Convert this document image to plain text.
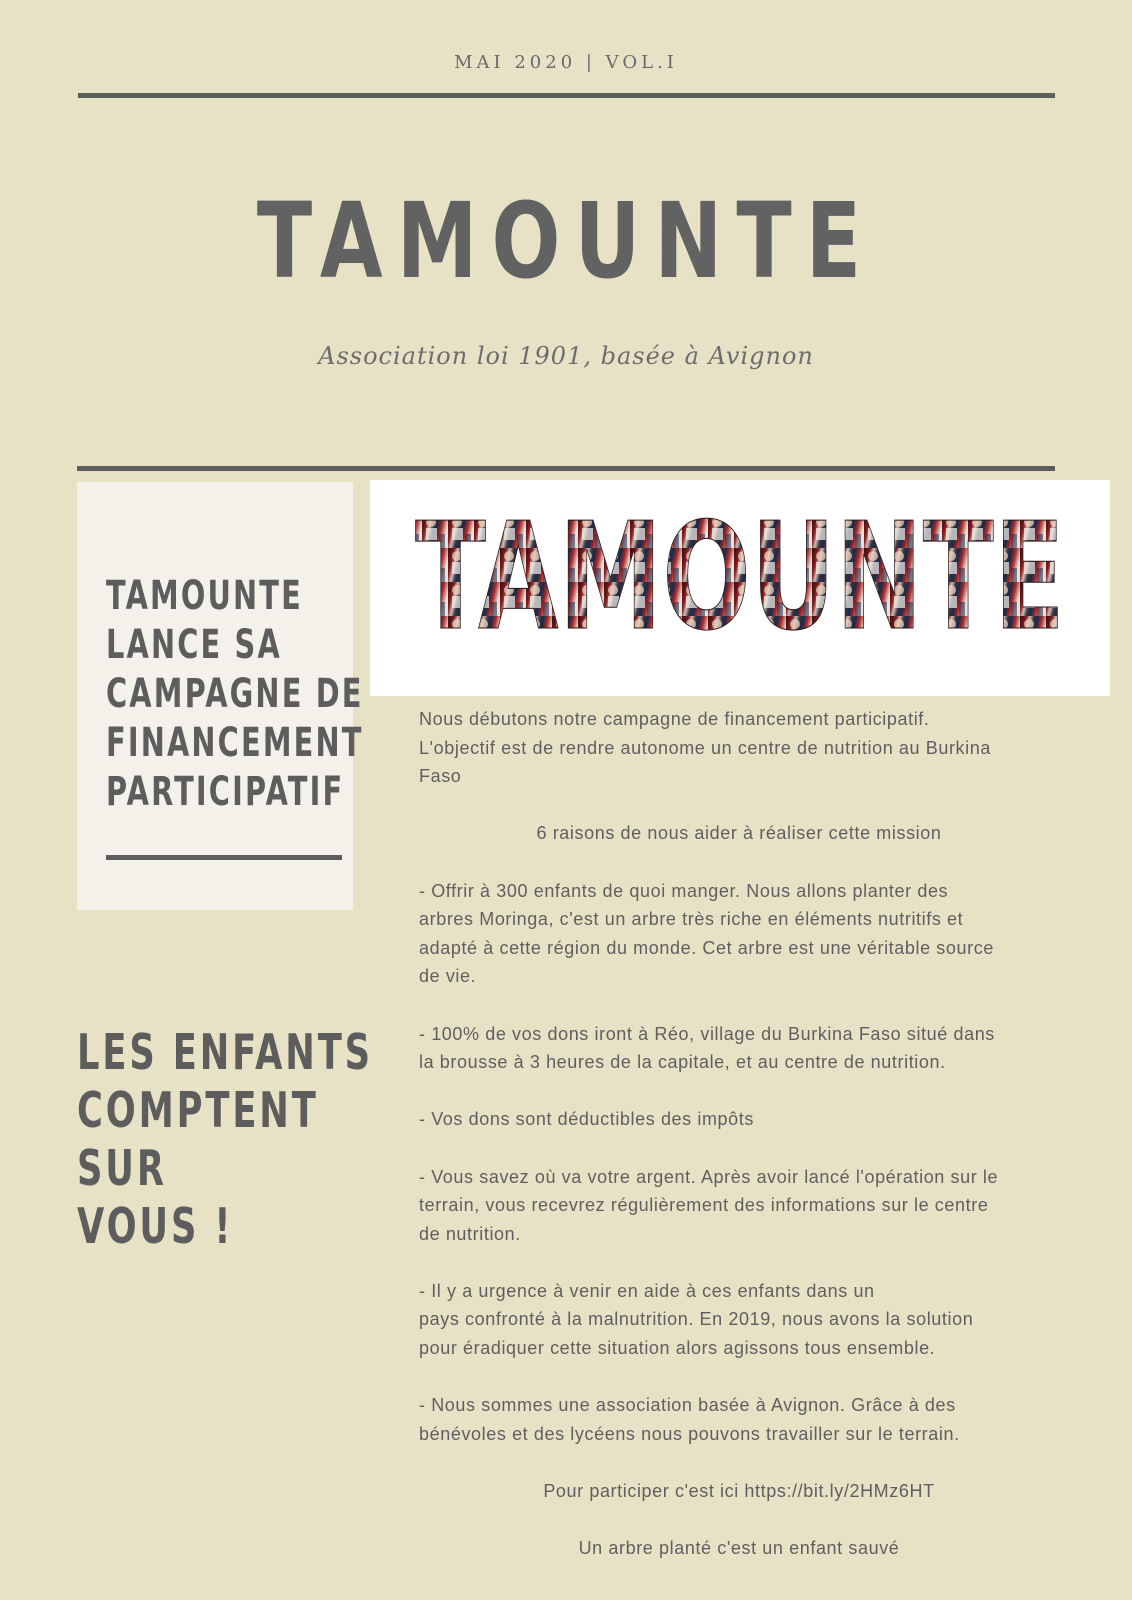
MAI 2020 | VOL.I
TAMOUNTE
Association loi 1901, basée à Avignon
TAMOUNTE
LANCE SA
CAMPAGNE DE
FINANCEMENT
PARTICIPATIF
LES ENFANTS
COMPTENT SUR
VOUS !
TAMOUNTE

Nous débutons notre campagne de financement participatif.
L'objectif est de rendre autonome un centre de nutrition au Burkina
Faso

6 raisons de nous aider à réaliser cette mission

- Offrir à 300 enfants de quoi manger. Nous allons planter des
arbres Moringa, c'est un arbre très riche en éléments nutritifs et
adapté à cette région du monde. Cet arbre est une véritable source
de vie.

- 100% de vos dons iront à Réo, village du Burkina Faso situé dans
la brousse à 3 heures de la capitale, et au centre de nutrition.

- Vos dons sont déductibles des impôts

- Vous savez où va votre argent. Après avoir lancé l'opération sur le
terrain, vous recevrez régulièrement des informations sur le centre
de nutrition.

- Il y a urgence à venir en aide à ces enfants dans un
pays confronté à la malnutrition. En 2019, nous avons la solution
pour éradiquer cette situation alors agissons tous ensemble.

- Nous sommes une association basée à Avignon. Grâce à des
bénévoles et des lycéens nous pouvons travailler sur le terrain.

Pour participer c'est ici https://bit.ly/2HMz6HT

Un arbre planté c'est un enfant sauvé
